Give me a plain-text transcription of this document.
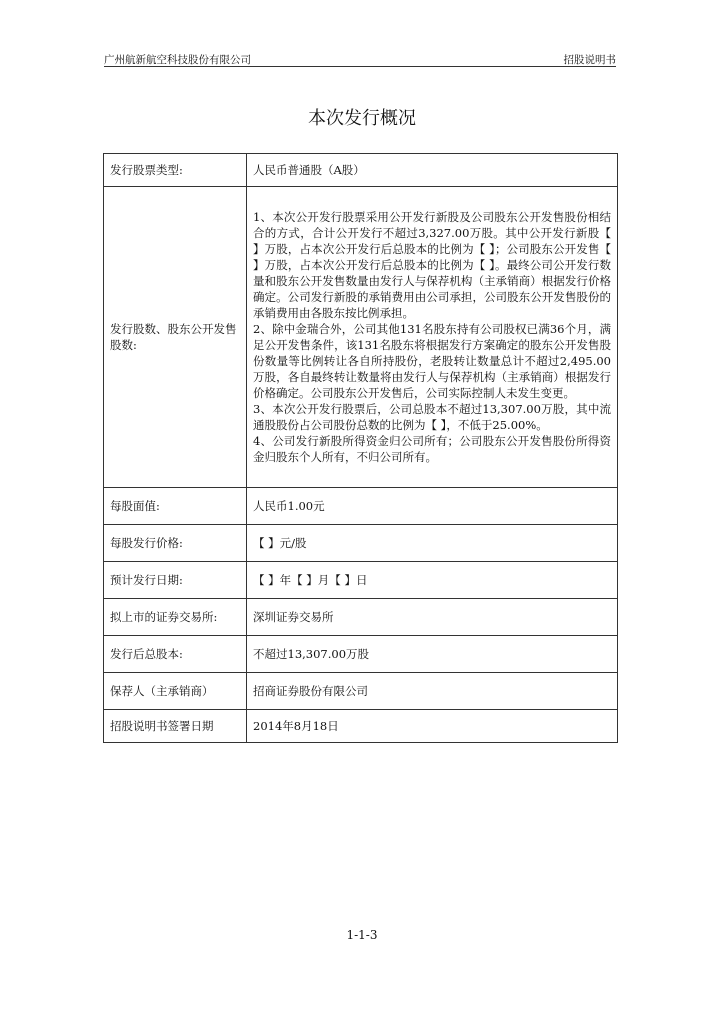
广州航新航空科技股份有限公司	招股说明书
本次发行概况
发行股票类型:	人民币普通股（A股）
发行股数、股东公开发售股数:	1、本次公开发行股票采用公开发行新股及公司股东公开发售股份相结合的方式，合计公开发行不超过3,327.00万股。其中公开发行新股【 】万股，占本次公开发行后总股本的比例为【 】；公司股东公开发售【 】万股，占本次公开发行后总股本的比例为【 】。最终公司公开发行数量和股东公开发售数量由发行人与保荐机构（主承销商）根据发行价格确定。公司发行新股的承销费用由公司承担，公司股东公开发售股份的承销费用由各股东按比例承担。
2、除中金瑞合外，公司其他131名股东持有公司股权已满36个月，满足公开发售条件，该131名股东将根据发行方案确定的股东公开发售股份数量等比例转让各自所持股份，老股转让数量总计不超过2,495.00万股，各自最终转让数量将由发行人与保荐机构（主承销商）根据发行价格确定。公司股东公开发售后，公司实际控制人未发生变更。
3、本次公开发行股票后，公司总股本不超过13,307.00万股，其中流通股股份占公司股份总数的比例为【 】，不低于25.00%。
4、公司发行新股所得资金归公司所有；公司股东公开发售股份所得资金归股东个人所有，不归公司所有。

每股面值:	人民币1.00元
每股发行价格:	【 】元/股
预计发行日期:	【 】年【 】月【 】日
拟上市的证券交易所:	深圳证券交易所
发行后总股本:	不超过13,307.00万股
保荐人（主承销商）	招商证券股份有限公司
招股说明书签署日期	2014年8月18日
1-1-3
